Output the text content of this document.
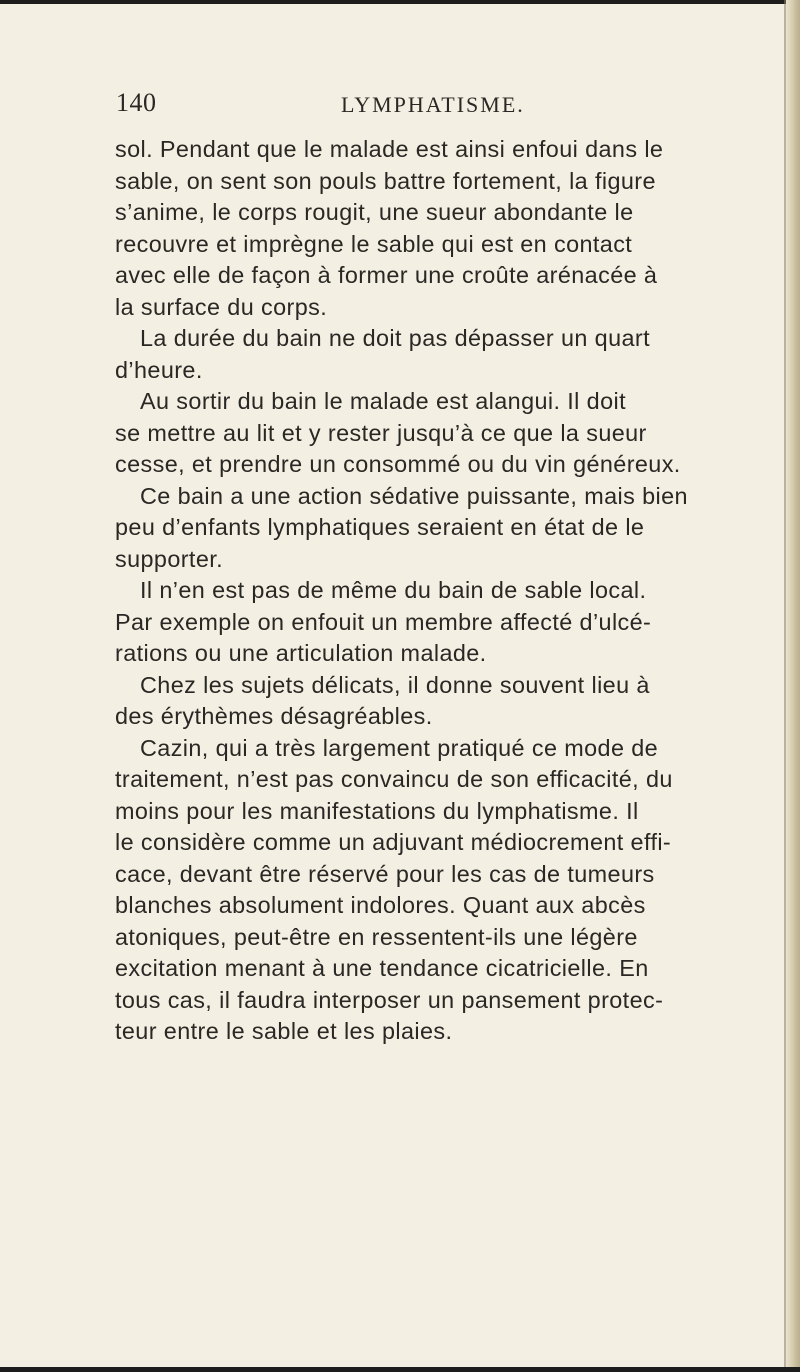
140	LYMPHATISME.
sol. Pendant que le malade est ainsi enfoui dans le
sable, on sent son pouls battre fortement, la figure
s’anime, le corps rougit, une sueur abondante le
recouvre et imprègne le sable qui est en contact
avec elle de façon à former une croûte arénacée à
la surface du corps.
La durée du bain ne doit pas dépasser un quart
d’heure.
Au sortir du bain le malade est alangui. Il doit
se mettre au lit et y rester jusqu’à ce que la sueur
cesse, et prendre un consommé ou du vin généreux.
Ce bain a une action sédative puissante, mais bien
peu d’enfants lymphatiques seraient en état de le
supporter.
Il n’en est pas de même du bain de sable local.
Par exemple on enfouit un membre affecté d’ulcé-
rations ou une articulation malade.
Chez les sujets délicats, il donne souvent lieu à
des érythèmes désagréables.
Cazin, qui a très largement pratiqué ce mode de
traitement, n’est pas convaincu de son efficacité, du
moins pour les manifestations du lymphatisme. Il
le considère comme un adjuvant médiocrement effi-
cace, devant être réservé pour les cas de tumeurs
blanches absolument indolores. Quant aux abcès
atoniques, peut-être en ressentent-ils une légère
excitation menant à une tendance cicatricielle. En
tous cas, il faudra interposer un pansement protec-
teur entre le sable et les plaies.
